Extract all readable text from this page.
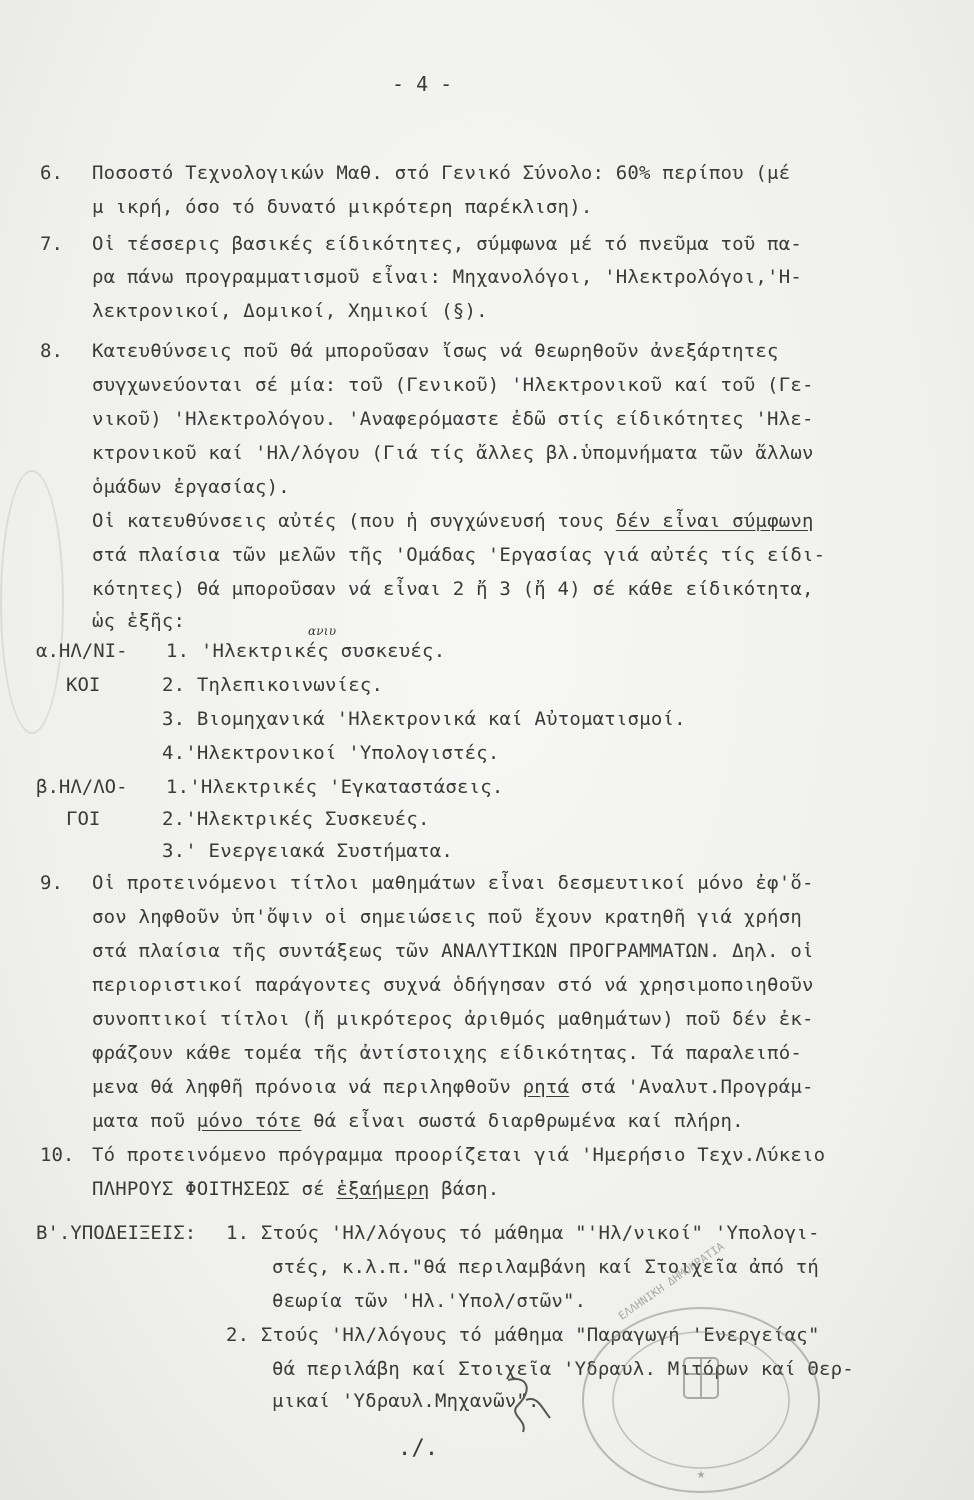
- 4 -
6. Ποσοστό Τεχνολογικών Μαθ. στό Γενικό Σύνολο: 60% περίπου (μέ
μ ικρή, όσο τό δυνατό μικρότερη παρέκλιση).
7. Οἱ τέσσερις βασικές είδικότητες, σύμφωνα μέ τό πνεῦμα τοῦ πα-
ρα πάνω προγραμματισμοῦ εἶναι: Μηχανολόγοι, 'Ηλεκτρολόγοι,'Η-
λεκτρονικοί, Δομικοί, Χημικοί (§).
8. Κατευθύνσεις ποῦ θά μποροῦσαν ἴσως νά θεωρηθοῦν ἀνεξάρτητες
συγχωνεύονται σέ μία: τοῦ (Γενικοῦ) 'Ηλεκτρονικοῦ καί τοῦ (Γε-
νικοῦ) 'Ηλεκτρολόγου. 'Αναφερόμαστε ἐδῶ στίς είδικότητες 'Ηλε-
κτρονικοῦ καί 'Ηλ/λόγου (Γιά τίς ἄλλες βλ.ὑπομνήματα τῶν ἄλλων
ὁμάδων ἐργασίας).
Οἱ κατευθύνσεις αὐτές (που ἡ συγχώνευσή τους δέν εἶναι σύμφωνη
στά πλαίσια τῶν μελῶν τῆς 'Ομάδας 'Εργασίας γιά αὐτές τίς είδι-
κότητες) θά μποροῦσαν νά εἶναι 2 ἤ 3 (ἤ 4) σέ κάθε είδικότητα,
ὡς ἑξῆς:	ανιυ
α.ΗΛ/ΝΙ-
ΚΟΙ
1. 'Ηλεκτρικές συσκευές.
2. Τηλεπικοινωνίες.
3. Βιομηχανικά 'Ηλεκτρονικά καί Αὐτοματισμοί.
4.'Ηλεκτρονικοί 'Υπολογιστές.
β.ΗΛ/ΛΟ-
ΓΟΙ
1.'Ηλεκτρικές 'Εγκαταστάσεις.
2.'Ηλεκτρικές Συσκευές.
3.' Ενεργειακά Συστήματα.
9. Οἱ προτεινόμενοι τίτλοι μαθημάτων εἶναι δεσμευτικοί μόνο ἐφ'ὅ-
σον ληφθοῦν ὑπ'ὄψιν οἱ σημειώσεις ποῦ ἔχουν κρατηθῆ γιά χρήση
στά πλαίσια τῆς συντάξεως τῶν ΑΝΑΛΥΤΙΚΩΝ ΠΡΟΓΡΑΜΜΑΤΩΝ. Δηλ. οἱ
περιοριστικοί παράγοντες συχνά ὁδήγησαν στό νά χρησιμοποιηθοῦν
συνοπτικοί τίτλοι (ἤ μικρότερος ἀριθμός μαθημάτων) ποῦ δέν ἐκ-
φράζουν κάθε τομέα τῆς ἀντίστοιχης είδικότητας. Τά παραλειπό-
μενα θά ληφθῆ πρόνοια νά περιληφθοῦν ρητά στά 'Αναλυτ.Προγράμ-
ματα ποῦ μόνο τότε θά εἶναι σωστά διαρθρωμένα καί πλήρη.
10. Τό προτεινόμενο πρόγραμμα προορίζεται γιά 'Ημερήσιο Τεχν.Λύκειο
ΠΛΗΡΟΥΣ ΦΟΙΤΗΣΕΩΣ σέ ἑξαήμερη βάση.
Β'.ΥΠΟΔΕΙΞΕΙΣ: 1. Στούς 'Ηλ/λόγους τό μάθημα "'Ηλ/νικοί" 'Υπολογι-
στές, κ.λ.π."θά περιλαμβάνη καί Στοιχεῖα ἀπό τή
θεωρία τῶν 'Ηλ.'Υπολ/στῶν".
2. Στούς 'Ηλ/λόγους τό μάθημα "Παραγωγή 'Ενεργείας"
θά περιλάβη καί Στοιχεῖα 'Υδραυλ. Μιτόρων καί Θερ-
μικαί 'Υδραυλ.Μηχανῶν".
★
ΕΛΛΗΝΙΚΗ ΔΗΜΟΚΡΑΤΙΑ
./.
